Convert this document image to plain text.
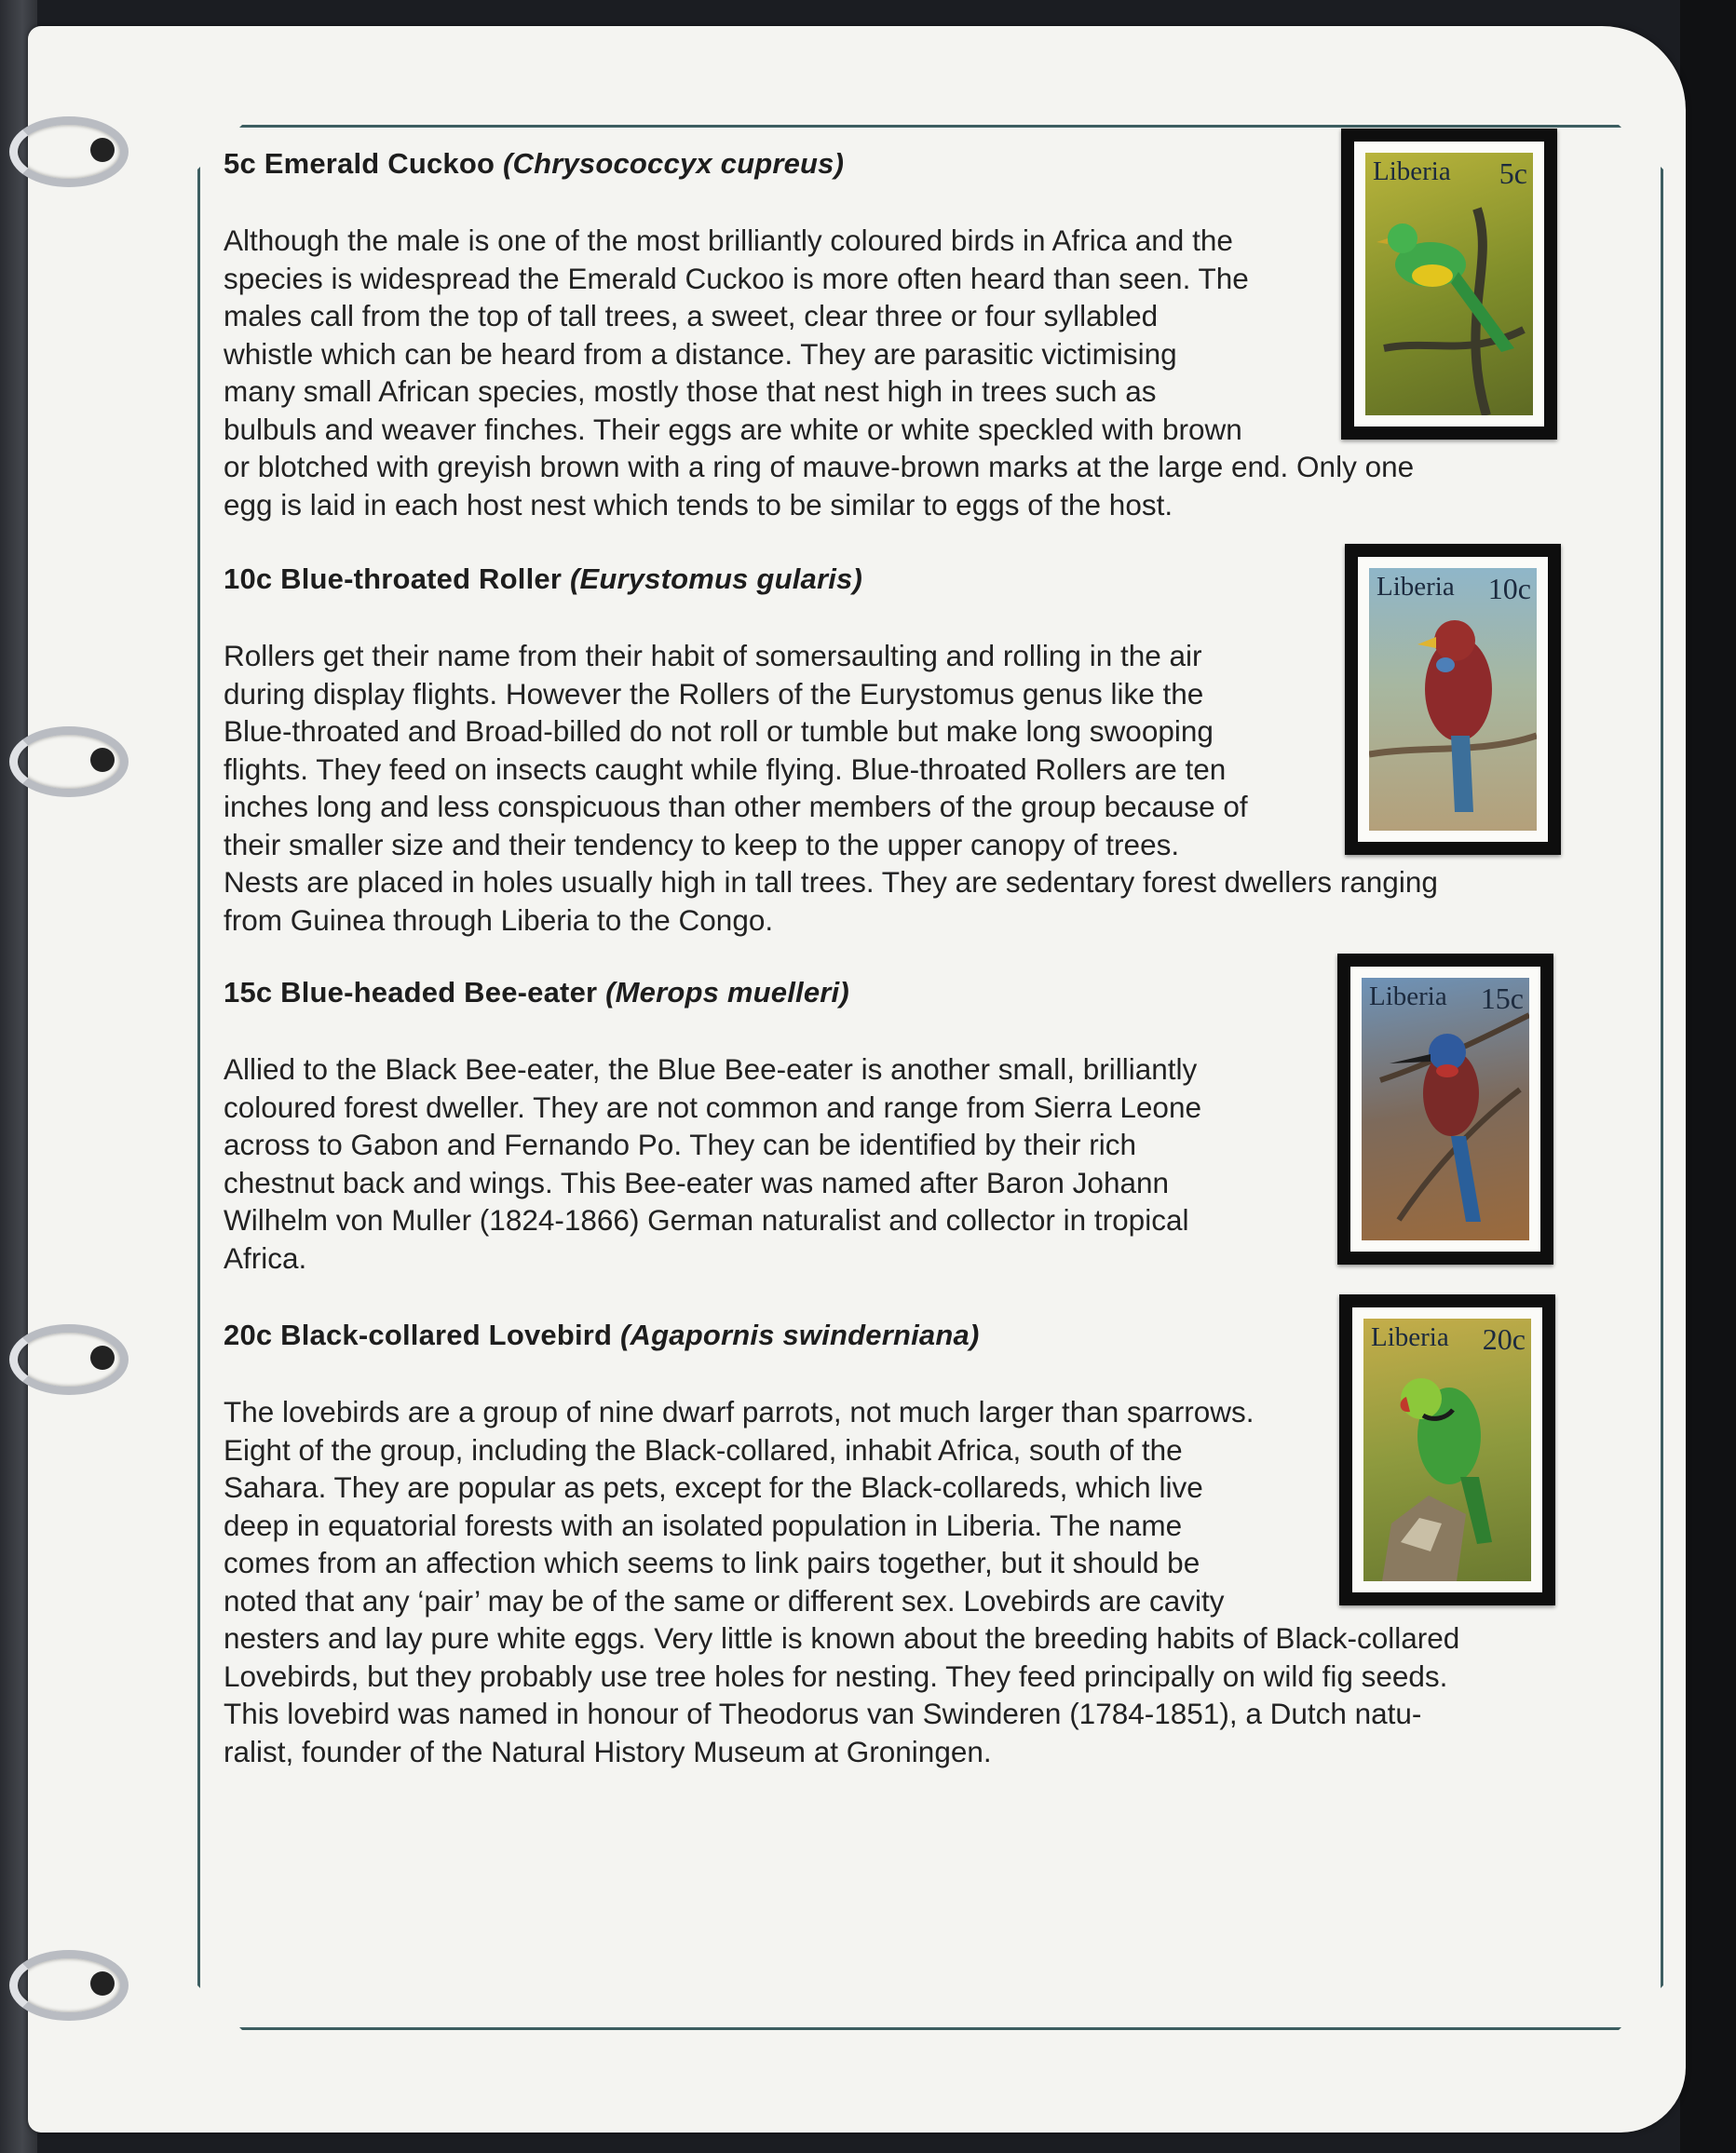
5c Emerald Cuckoo (Chrysococcyx cupreus)
Although the male is one of the most brilliantly coloured birds in Africa and the
species is widespread the Emerald Cuckoo is more often heard than seen. The
males call from the top of tall trees, a sweet, clear three or four syllabled
whistle which can be heard from a distance. They are parasitic victimising
many small African species, mostly those that nest high in trees such as
bulbuls and weaver finches. Their eggs are white or white speckled with brown
or blotched with greyish brown with a ring of mauve-brown marks at the large end. Only one
egg is laid in each host nest which tends to be similar to eggs of the host.
Liberia 5c
10c Blue-throated Roller (Eurystomus gularis)
Rollers get their name from their habit of somersaulting and rolling in the air
during display flights. However the Rollers of the Eurystomus genus like the
Blue-throated and Broad-billed do not roll or tumble but make long swooping
flights. They feed on insects caught while flying. Blue-throated Rollers are ten
inches long and less conspicuous than other members of the group because of
their smaller size and their tendency to keep to the upper canopy of trees.
Nests are placed in holes usually high in tall trees. They are sedentary forest dwellers ranging
from Guinea through Liberia to the Congo.
Liberia 10c
15c Blue-headed Bee-eater (Merops muelleri)
Allied to the Black Bee-eater, the Blue Bee-eater is another small, brilliantly
coloured forest dweller. They are not common and range from Sierra Leone
across to Gabon and Fernando Po. They can be identified by their rich
chestnut back and wings. This Bee-eater was named after Baron Johann
Wilhelm von Muller (1824-1866) German naturalist and collector in tropical
Africa.
Liberia 15c
20c Black-collared Lovebird (Agapornis swinderniana)
The lovebirds are a group of nine dwarf parrots, not much larger than sparrows.
Eight of the group, including the Black-collared, inhabit Africa, south of the
Sahara. They are popular as pets, except for the Black-collareds, which live
deep in equatorial forests with an isolated population in Liberia. The name
comes from an affection which seems to link pairs together, but it should be
noted that any ‘pair’ may be of the same or different sex. Lovebirds are cavity
nesters and lay pure white eggs. Very little is known about the breeding habits of Black-collared
Lovebirds, but they probably use tree holes for nesting. They feed principally on wild fig seeds.
This lovebird was named in honour of Theodorus van Swinderen (1784-1851), a Dutch natu-
ralist, founder of the Natural History Museum at Groningen.
Liberia 20c
